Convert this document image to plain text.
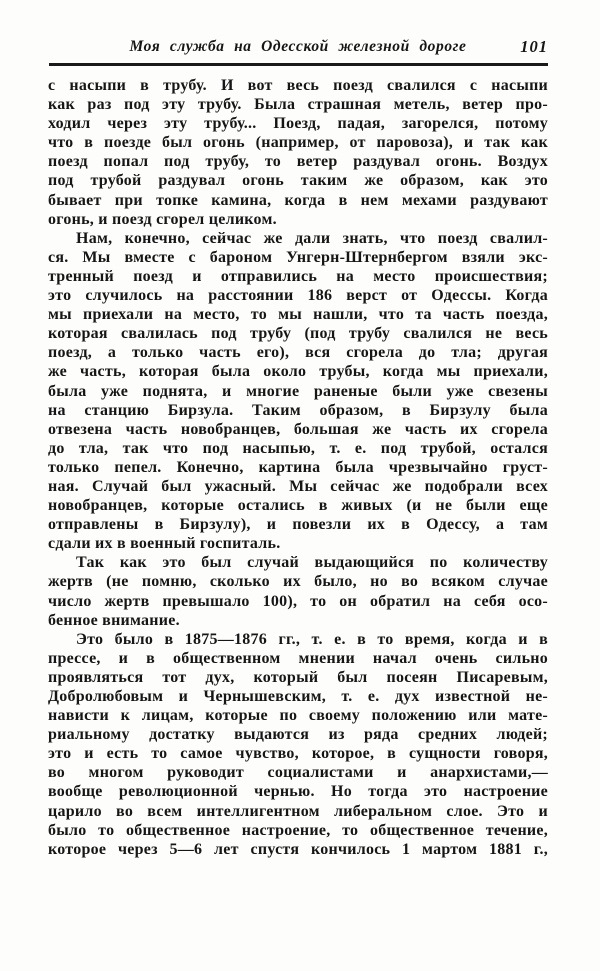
Моя служба на Одесской железной дороге	101
с насыпи в трубу. И вот весь поезд свалился с насыпи
как раз под эту трубу. Была страшная метель, ветер про-
ходил через эту трубу... Поезд, падая, загорелся, потому
что в поезде был огонь (например, от паровоза), и так как
поезд попал под трубу, то ветер раздувал огонь. Воздух
под трубой раздувал огонь таким же образом, как это
бывает при топке камина, когда в нем мехами раздувают
огонь, и поезд сгорел целиком.
Нам, конечно, сейчас же дали знать, что поезд свалил-
ся. Мы вместе с бароном Унгерн-Штернбергом взяли экс-
тренный поезд и отправились на место происшествия;
это случилось на расстоянии 186 верст от Одессы. Когда
мы приехали на место, то мы нашли, что та часть поезда,
которая свалилась под трубу (под трубу свалился не весь
поезд, а только часть его), вся сгорела до тла; другая
же часть, которая была около трубы, когда мы приехали,
была уже поднята, и многие раненые были уже свезены
на станцию Бирзула. Таким образом, в Бирзулу была
отвезена часть новобранцев, большая же часть их сгорела
до тла, так что под насыпью, т. е. под трубой, остался
только пепел. Конечно, картина была чрезвычайно груст-
ная. Случай был ужасный. Мы сейчас же подобрали всех
новобранцев, которые остались в живых (и не были еще
отправлены в Бирзулу), и повезли их в Одессу, а там
сдали их в военный госпиталь.
Так как это был случай выдающийся по количеству
жертв (не помню, сколько их было, но во всяком случае
число жертв превышало 100), то он обратил на себя осо-
бенное внимание.
Это было в 1875—1876 гг., т. е. в то время, когда и в
прессе, и в общественном мнении начал очень сильно
проявляться тот дух, который был посеян Писаревым,
Добролюбовым и Чернышевским, т. е. дух известной не-
нависти к лицам, которые по своему положению или мате-
риальному достатку выдаются из ряда средних людей;
это и есть то самое чувство, которое, в сущности говоря,
во многом руководит социалистами и анархистами,—
вообще революционной чернью. Но тогда это настроение
царило во всем интеллигентном либеральном слое. Это и
было то общественное настроение, то общественное течение,
которое через 5—6 лет спустя кончилось 1 мартом 1881 г.,
